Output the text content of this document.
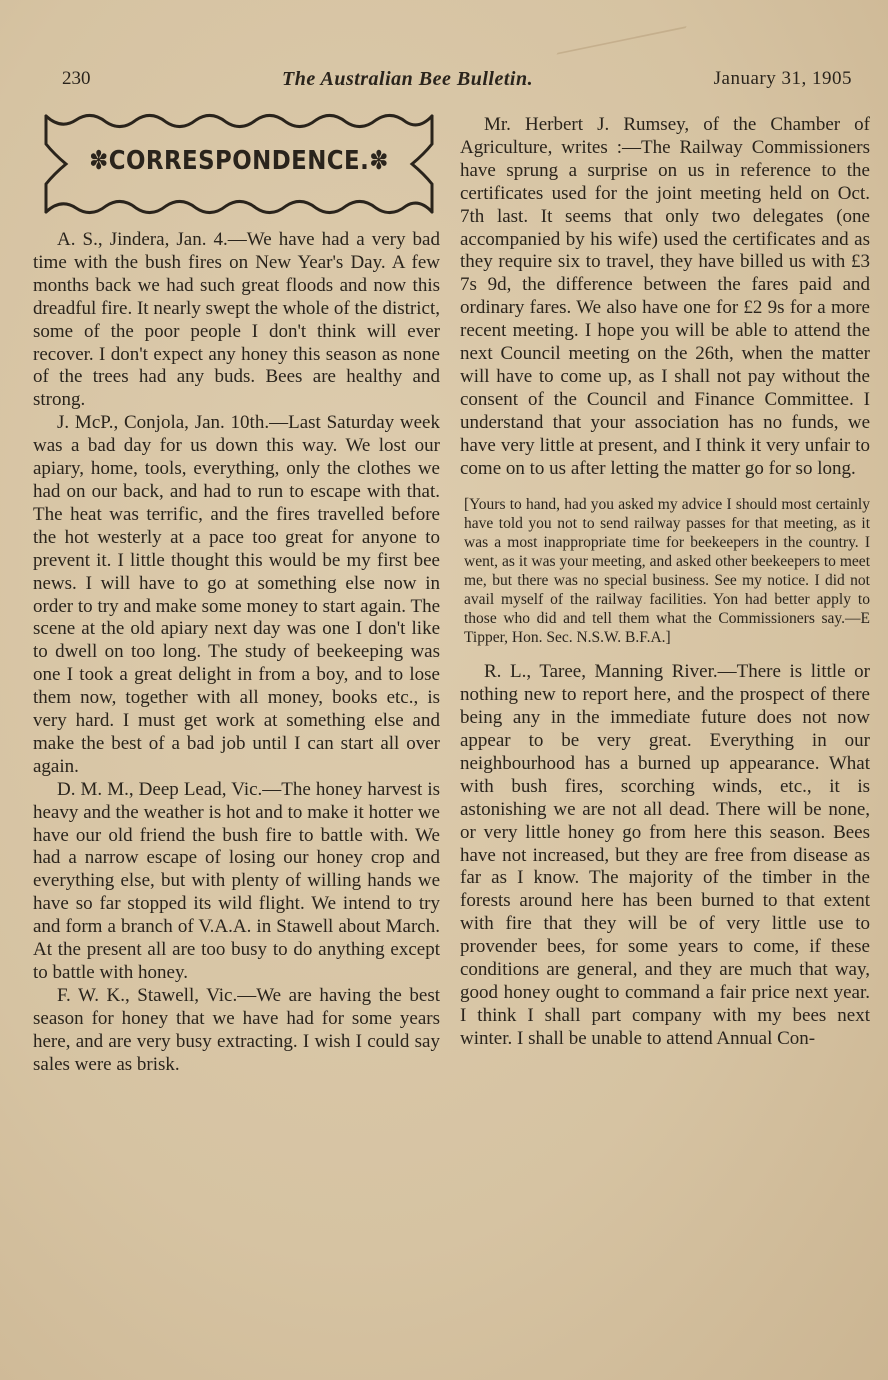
230	The Australian Bee Bulletin.	January 31, 1905
✽CORRESPONDENCE.✽

A. S., Jindera, Jan. 4.—We have had a very bad time with the bush fires on New Year's Day. A few months back we had such great floods and now this dreadful fire. It nearly swept the whole of the district, some of the poor people I don't think will ever recover. I don't expect any honey this season as none of the trees had any buds. Bees are healthy and strong.

J. McP., Conjola, Jan. 10th.—Last Saturday week was a bad day for us down this way. We lost our apiary, home, tools, everything, only the clothes we had on our back, and had to run to escape with that. The heat was terrific, and the fires travelled before the hot westerly at a pace too great for anyone to prevent it. I little thought this would be my first bee news. I will have to go at something else now in order to try and make some money to start again. The scene at the old apiary next day was one I don't like to dwell on too long. The study of beekeeping was one I took a great delight in from a boy, and to lose them now, together with all money, books etc., is very hard. I must get work at something else and make the best of a bad job until I can start all over again.

D. M. M., Deep Lead, Vic.—The honey harvest is heavy and the weather is hot and to make it hotter we have our old friend the bush fire to battle with. We had a narrow escape of losing our honey crop and everything else, but with plenty of willing hands we have so far stopped its wild flight. We intend to try and form a branch of V.A.A. in Stawell about March. At the present all are too busy to do anything except to battle with honey.

F. W. K., Stawell, Vic.—We are having the best season for honey that we have had for some years here, and are very busy extracting. I wish I could say sales were as brisk.

Mr. Herbert J. Rumsey, of the Chamber of Agriculture, writes :—The Railway Commissioners have sprung a surprise on us in reference to the certificates used for the joint meeting held on Oct. 7th last. It seems that only two delegates (one accompanied by his wife) used the certificates and as they require six to travel, they have billed us with £3 7s 9d, the difference between the fares paid and ordinary fares. We also have one for £2 9s for a more recent meeting. I hope you will be able to attend the next Council meeting on the 26th, when the matter will have to come up, as I shall not pay without the consent of the Council and Finance Committee. I understand that your association has no funds, we have very little at present, and I think it very unfair to come on to us after letting the matter go for so long.

[Yours to hand, had you asked my advice I should most certainly have told you not to send railway passes for that meeting, as it was a most inappropriate time for beekeepers in the country. I went, as it was your meeting, and asked other beekeepers to meet me, but there was no special business. See my notice. I did not avail myself of the railway facilities. Yon had better apply to those who did and tell them what the Commissioners say.—E Tipper, Hon. Sec. N.S.W. B.F.A.]

R. L., Taree, Manning River.—There is little or nothing new to report here, and the prospect of there being any in the immediate future does not now appear to be very great. Everything in our neighbourhood has a burned up appearance. What with bush fires, scorching winds, etc., it is astonishing we are not all dead. There will be none, or very little honey go from here this season. Bees have not increased, but they are free from disease as far as I know. The majority of the timber in the forests around here has been burned to that extent with fire that they will be of very little use to provender bees, for some years to come, if these conditions are general, and they are much that way, good honey ought to command a fair price next year. I think I shall part company with my bees next winter. I shall be unable to attend Annual Con-
